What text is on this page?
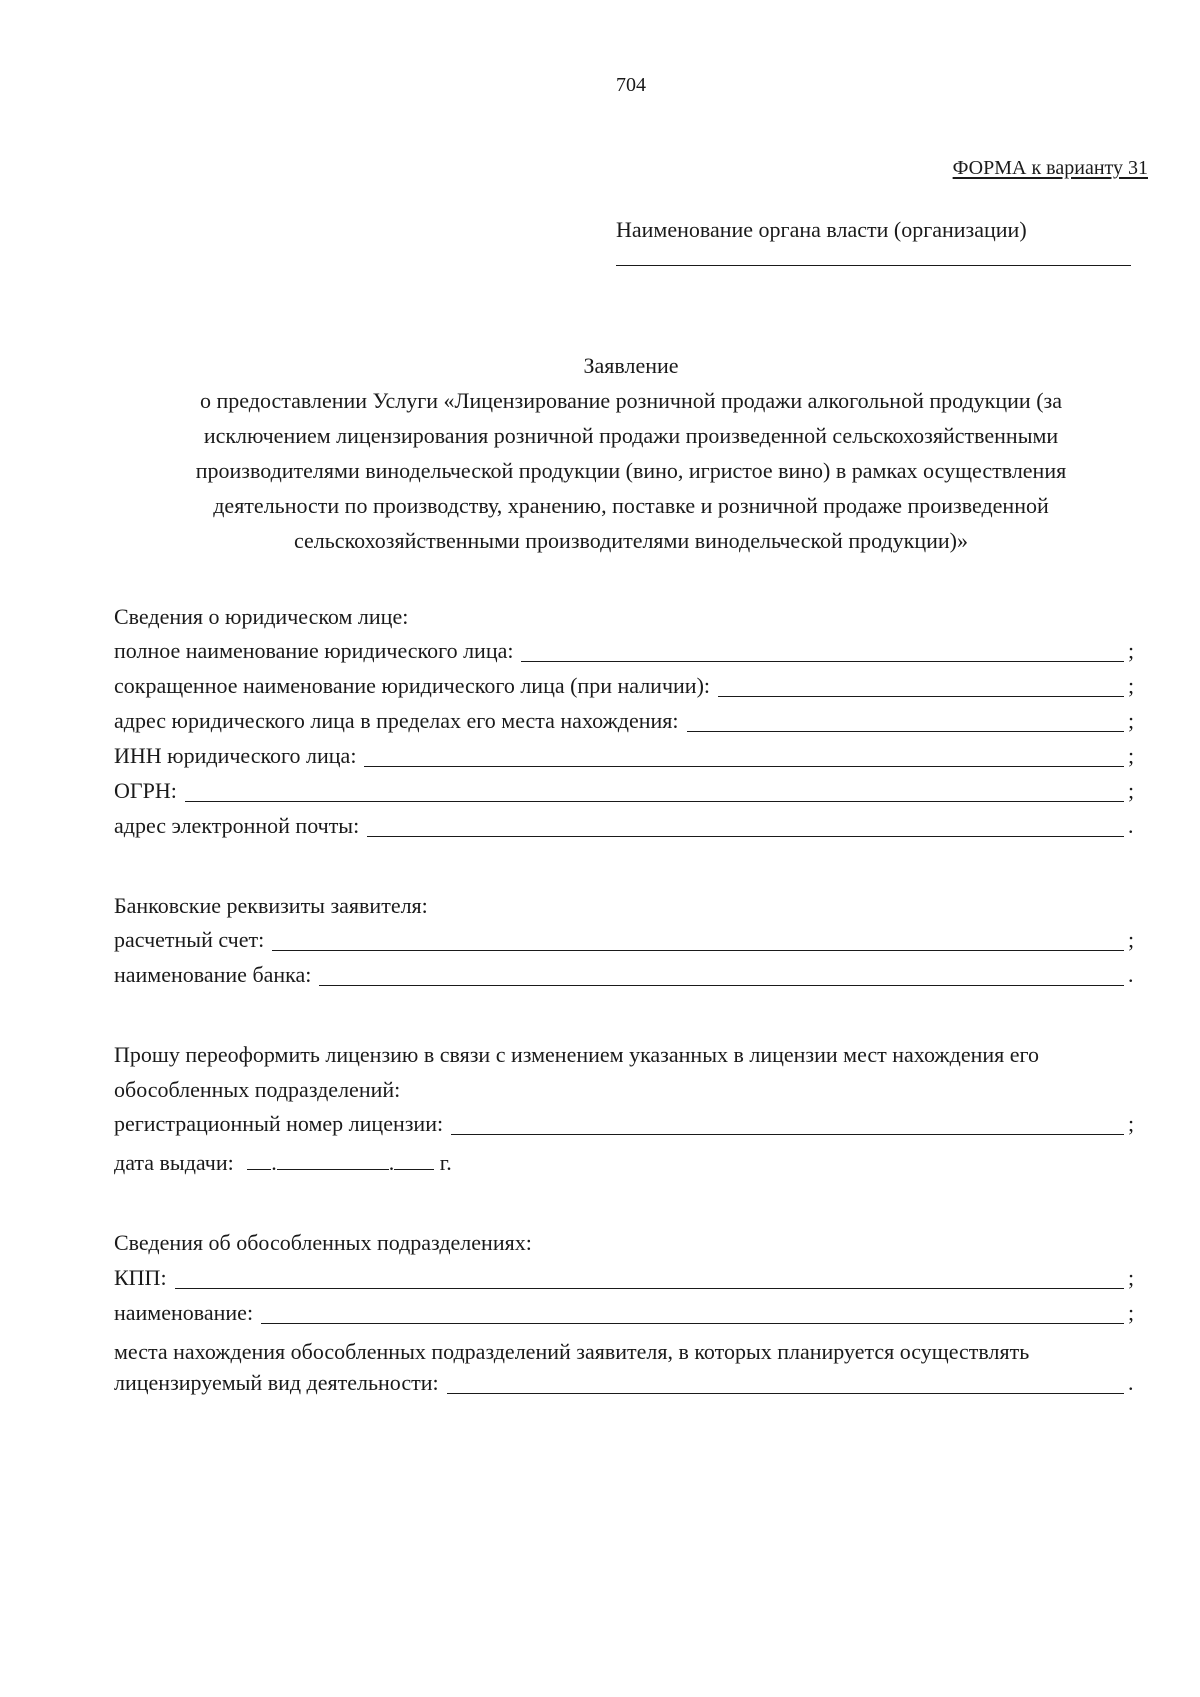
704
ФОРМА к варианту 31
Наименование органа власти (организации)
Заявление
о предоставлении Услуги «Лицензирование розничной продажи алкогольной продукции (за
исключением лицензирования розничной продажи произведенной сельскохозяйственными
производителями винодельческой продукции (вино, игристое вино) в рамках осуществления
деятельности по производству, хранению, поставке и розничной продаже произведенной
сельскохозяйственными производителями винодельческой продукции)»
Сведения о юридическом лице:
полное наименование юридического лица:	;
сокращенное наименование юридического лица (при наличии):	;
адрес юридического лица в пределах его места нахождения:	;
ИНН юридического лица:	;
ОГРН:	;
адрес электронной почты:	.
Банковские реквизиты заявителя:
расчетный счет:	;
наименование банка:	.
Прошу переоформить лицензию в связи с изменением указанных в лицензии мест нахождения его
обособленных подразделений:
регистрационный номер лицензии:	;
дата выдачи: .	. г.
Сведения об обособленных подразделениях:
КПП:	;
наименование:	;
места нахождения обособленных подразделений заявителя, в которых планируется осуществлять
лицензируемый вид деятельности:	.
